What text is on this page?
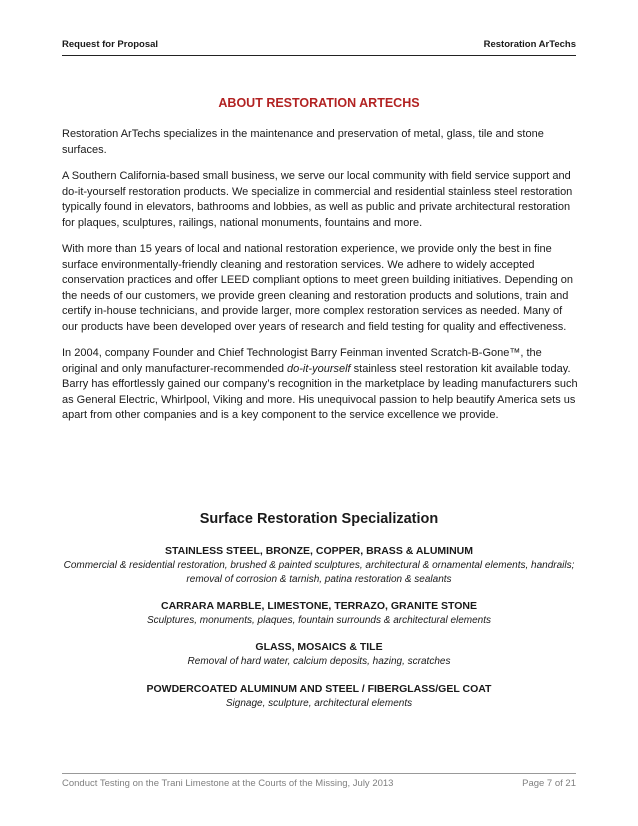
Request for Proposal	Restoration ArTechs
ABOUT RESTORATION ARTECHS

Restoration ArTechs specializes in the maintenance and preservation of metal, glass, tile and stone surfaces.

A Southern California-based small business, we serve our local community with field service support and do-it-yourself restoration products. We specialize in commercial and residential stainless steel restoration typically found in elevators, bathrooms and lobbies, as well as public and private architectural restoration for plaques, sculptures, railings, national monuments, fountains and more.

With more than 15 years of local and national restoration experience, we provide only the best in fine surface environmentally-friendly cleaning and restoration services. We adhere to widely accepted conservation practices and offer LEED compliant options to meet green building initiatives. Depending on the needs of our customers, we provide green cleaning and restoration products and solutions, train and certify in-house technicians, and provide larger, more complex restoration services as needed. Many of our products have been developed over years of research and field testing for quality and effectiveness.

In 2004, company Founder and Chief Technologist Barry Feinman invented Scratch-B-Gone™, the original and only manufacturer-recommended do-it-yourself stainless steel restoration kit available today. Barry has effortlessly gained our company’s recognition in the marketplace by leading manufacturers such as General Electric, Whirlpool, Viking and more. His unequivocal passion to help beautify America sets us apart from other companies and is a key component to the service excellence we provide.

Surface Restoration Specialization
STAINLESS STEEL, BRONZE, COPPER, BRASS & ALUMINUM
Commercial & residential restoration, brushed & painted sculptures, architectural & ornamental elements, handrails; removal of corrosion & tarnish, patina restoration & sealants
CARRARA MARBLE, LIMESTONE, TERRAZO, GRANITE STONE
Sculptures, monuments, plaques, fountain surrounds & architectural elements
GLASS, MOSAICS & TILE
Removal of hard water, calcium deposits, hazing, scratches
POWDERCOATED ALUMINUM AND STEEL / FIBERGLASS/GEL COAT
Signage, sculpture, architectural elements
Conduct Testing on the Trani Limestone at the Courts of the Missing, July 2013	Page 7 of 21
